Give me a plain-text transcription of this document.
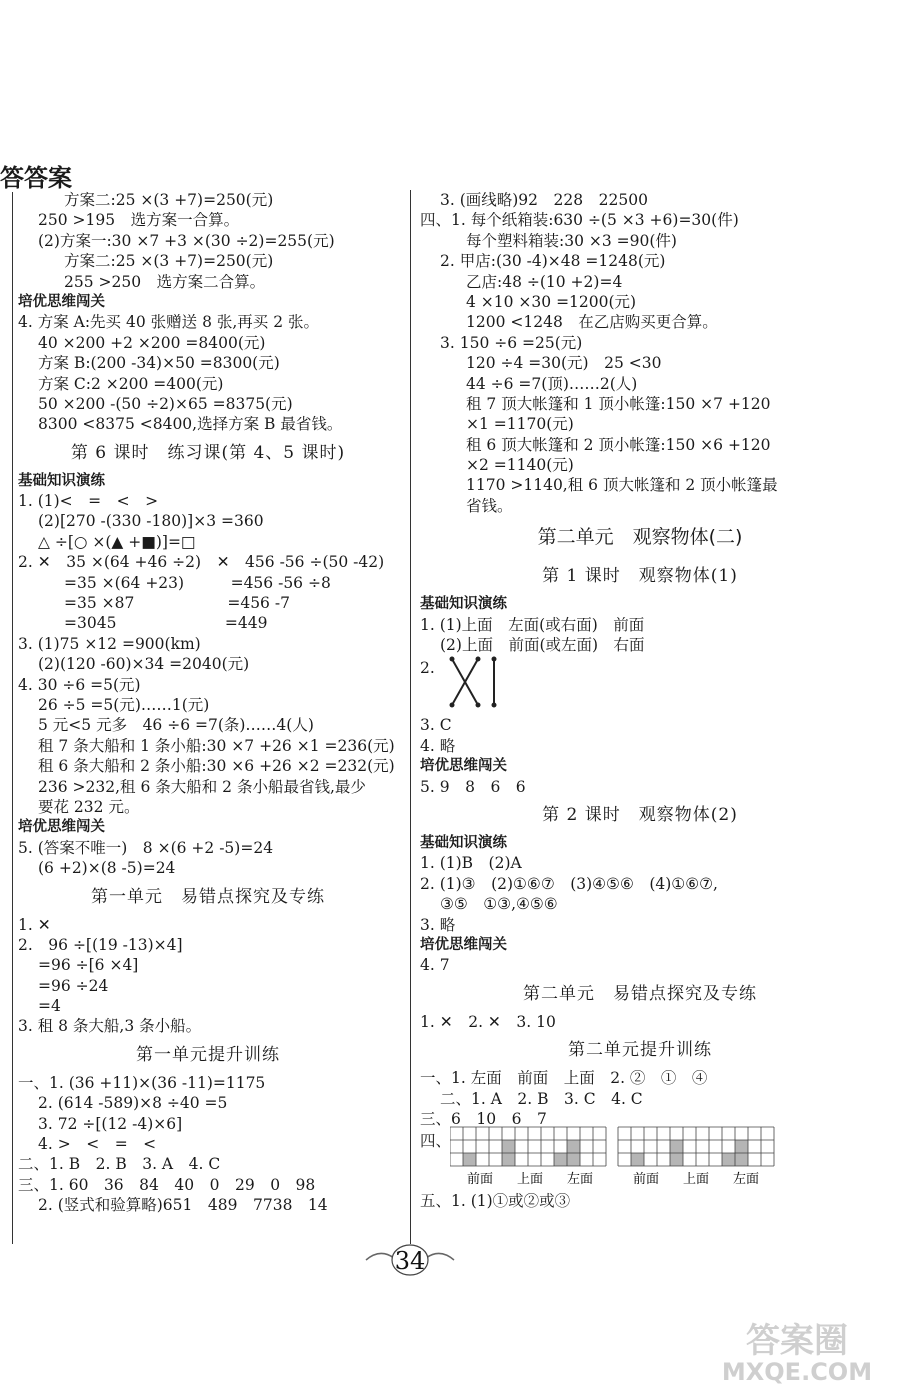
答答案
方案二:25 ×(3 +7)=250(元)
250 >195　选方案一合算。
(2)方案一:30 ×7 +3 ×(30 ÷2)=255(元)
方案二:25 ×(3 +7)=250(元)
255 >250　选方案二合算。
培优思维闯关
4. 方案 A:先买 40 张赠送 8 张,再买 2 张。
40 ×200 +2 ×200 =8400(元)
方案 B:(200 -34)×50 =8300(元)
方案 C:2 ×200 =400(元)
50 ×200 -(50 ÷2)×65 =8375(元)
8300 <8375 <8400,选择方案 B 最省钱。
第 6 课时　练习课(第 4、5 课时)
基础知识演练
1. (1)<　=　<　>
(2)[270 -(330 -180)]×3 =360
△ ÷[○ ×(▲ +■)]=□
2. ✕　35 ×(64 +46 ÷2)　✕　456 -56 ÷(50 -42)
=35 ×(64 +23)　　　=456 -56 ÷8
=35 ×87　　　　　　=456 -7
=3045　　　　　　　=449
3. (1)75 ×12 =900(km)
(2)(120 -60)×34 =2040(元)
4. 30 ÷6 =5(元)
26 ÷5 =5(元)……1(元)
5 元<5 元多　46 ÷6 =7(条)……4(人)
租 7 条大船和 1 条小船:30 ×7 +26 ×1 =236(元)
租 6 条大船和 2 条小船:30 ×6 +26 ×2 =232(元)
236 >232,租 6 条大船和 2 条小船最省钱,最少
要花 232 元。
培优思维闯关
5. (答案不唯一)　8 ×(6 +2 -5)=24
(6 +2)×(8 -5)=24
第一单元　易错点探究及专练
1. ✕
2.　96 ÷[(19 -13)×4]
=96 ÷[6 ×4]
=96 ÷24
=4
3. 租 8 条大船,3 条小船。
第一单元提升训练
一、1. (36 +11)×(36 -11)=1175
2. (614 -589)×8 ÷40 =5
3. 72 ÷[(12 -4)×6]
4. >　<　=　<
二、1. B　2. B　3. A　4. C
三、1. 60　36　84　40　0　29　0　98
2. (竖式和验算略)651　489　7738　14
3. (画线略)92　228　22500
四、1. 每个纸箱装:630 ÷(5 ×3 +6)=30(件)
每个塑料箱装:30 ×3 =90(件)
2. 甲店:(30 -4)×48 =1248(元)
乙店:48 ÷(10 +2)=4
4 ×10 ×30 =1200(元)
1200 <1248　在乙店购买更合算。
3. 150 ÷6 =25(元)
120 ÷4 =30(元)　25 <30
44 ÷6 =7(顶)……2(人)
租 7 顶大帐篷和 1 顶小帐篷:150 ×7 +120
×1 =1170(元)
租 6 顶大帐篷和 2 顶小帐篷:150 ×6 +120
×2 =1140(元)
1170 >1140,租 6 顶大帐篷和 2 顶小帐篷最
省钱。
第二单元　观察物体(二)
第 1 课时　观察物体(1)
基础知识演练
1. (1)上面　左面(或右面)　前面
(2)上面　前面(或左面)　右面
2.
3. C
4. 略
培优思维闯关
5. 9　8　6　6
第 2 课时　观察物体(2)
基础知识演练
1. (1)B　(2)A
2. (1)③　(2)①⑥⑦　(3)④⑤⑥　(4)①⑥⑦,
③⑤　①③,④⑤⑥
3. 略
培优思维闯关
4. 7
第二单元　易错点探究及专练
1. ✕　2. ✕　3. 10
第二单元提升训练
一、1. 左面　前面　上面　2. ②　①　④
二、1. A　2. B　3. C　4. C
三、6　10　6　7
四、
前面 上面 左面	前面 上面 左面
五、1. (1)①或②或③
34
答案圈
MXQE.COM
